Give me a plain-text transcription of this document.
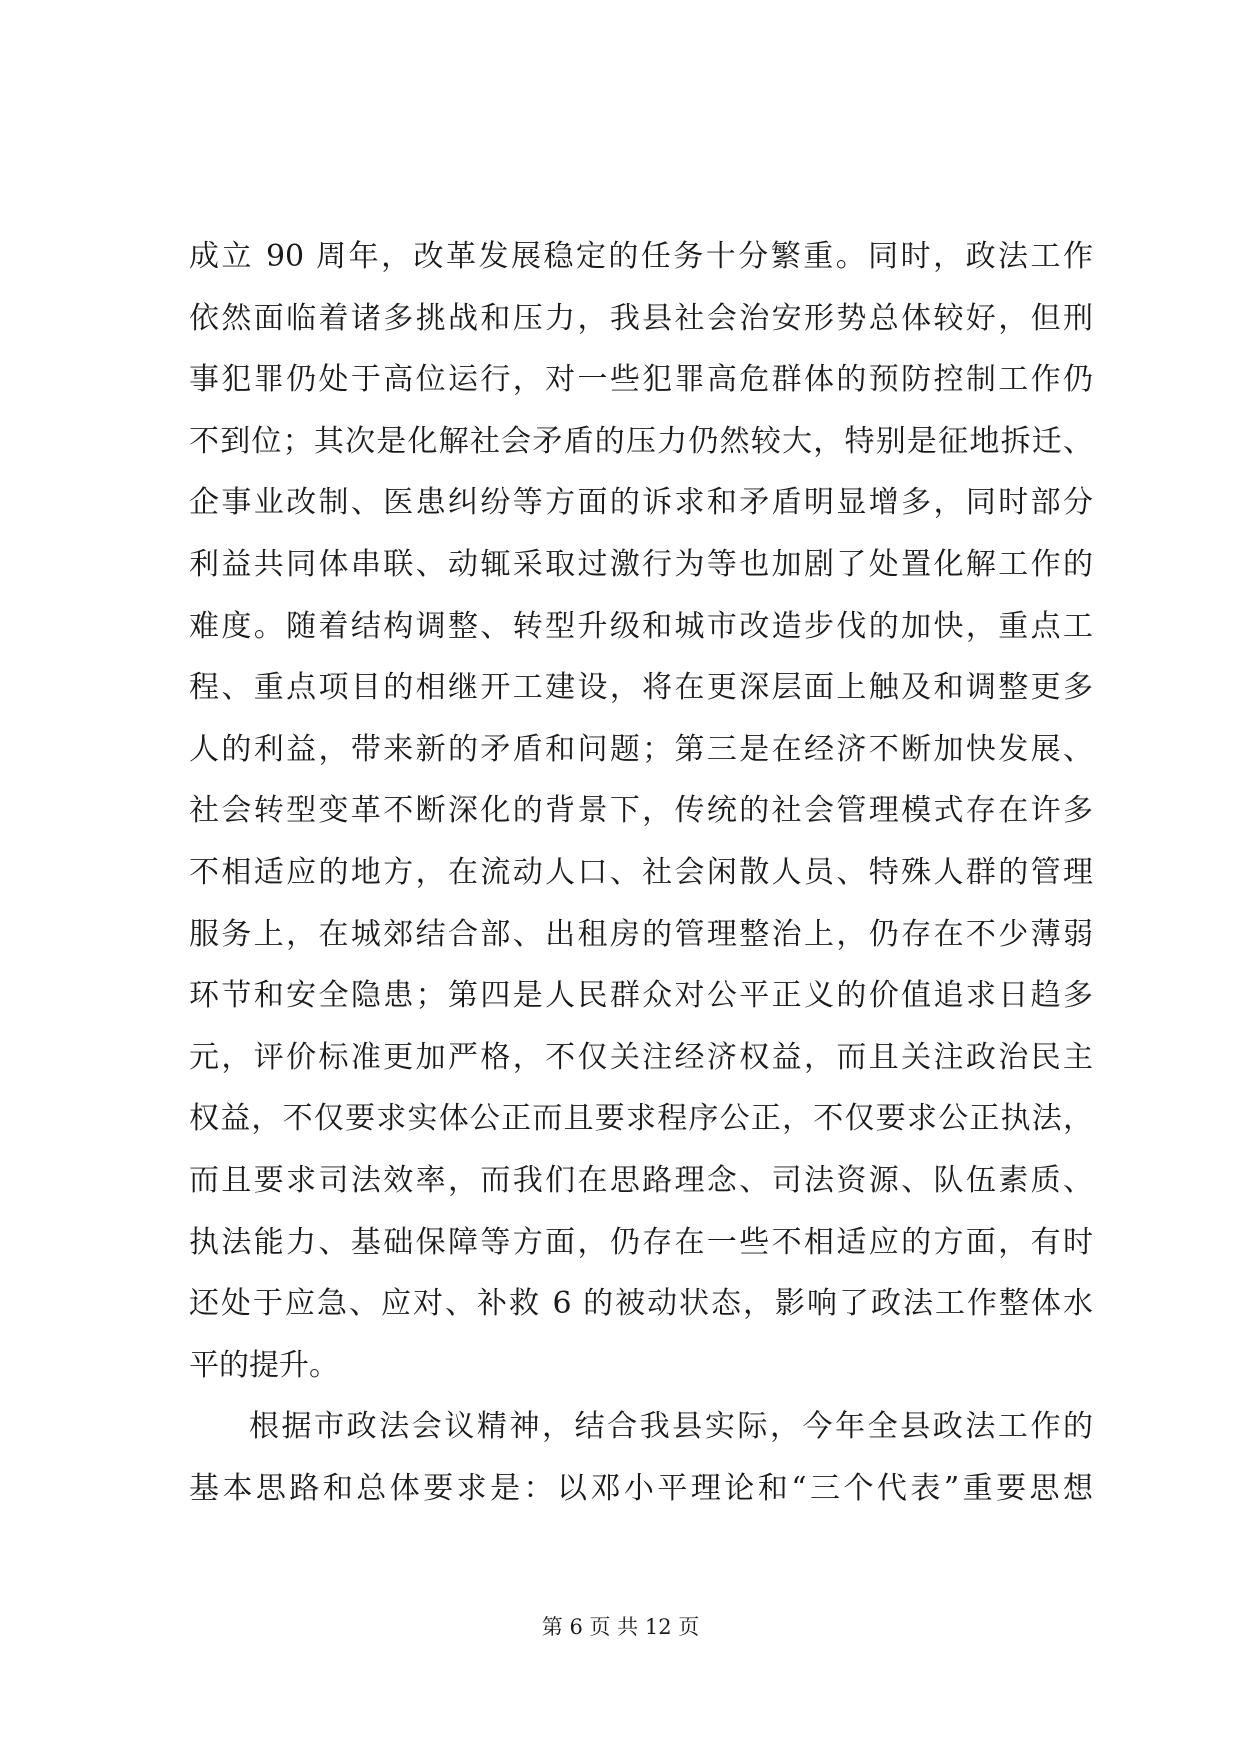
成立 90 周年，改革发展稳定的任务十分繁重。同时，政法工作
依然面临着诸多挑战和压力，我县社会治安形势总体较好，但刑
事犯罪仍处于高位运行，对一些犯罪高危群体的预防控制工作仍
不到位；其次是化解社会矛盾的压力仍然较大，特别是征地拆迁、
企事业改制、医患纠纷等方面的诉求和矛盾明显增多，同时部分
利益共同体串联、动辄采取过激行为等也加剧了处置化解工作的
难度。随着结构调整、转型升级和城市改造步伐的加快，重点工
程、重点项目的相继开工建设，将在更深层面上触及和调整更多
人的利益，带来新的矛盾和问题；第三是在经济不断加快发展、
社会转型变革不断深化的背景下，传统的社会管理模式存在许多
不相适应的地方，在流动人口、社会闲散人员、特殊人群的管理
服务上，在城郊结合部、出租房的管理整治上，仍存在不少薄弱
环节和安全隐患；第四是人民群众对公平正义的价值追求日趋多
元，评价标准更加严格，不仅关注经济权益，而且关注政治民主
权益，不仅要求实体公正而且要求程序公正，不仅要求公正执法，
而且要求司法效率，而我们在思路理念、司法资源、队伍素质、
执法能力、基础保障等方面，仍存在一些不相适应的方面，有时
还处于应急、应对、补救 6 的被动状态，影响了政法工作整体水
平的提升。
根据市政法会议精神，结合我县实际，今年全县政法工作的
基本思路和总体要求是：以邓小平理论和“三个代表”重要思想
第 6 页 共 12 页
